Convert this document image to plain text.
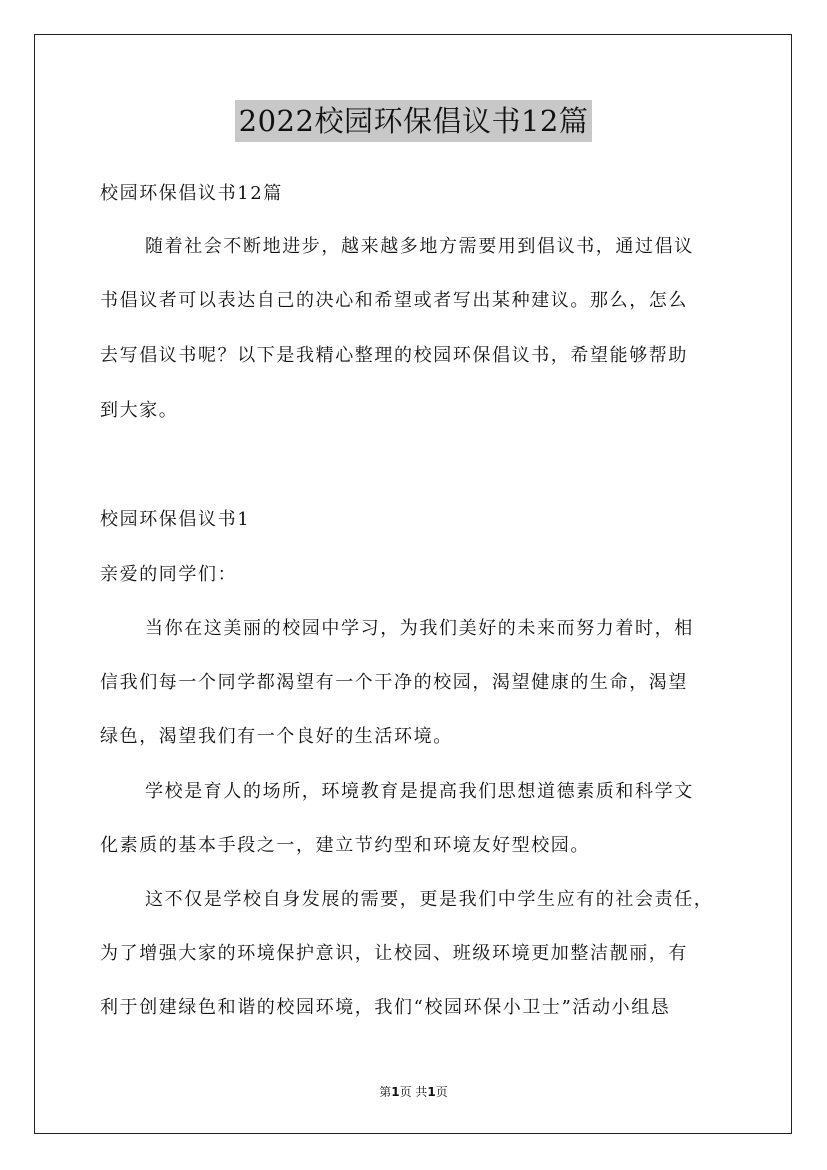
2022校园环保倡议书12篇
校园环保倡议书12篇
随着社会不断地进步，越来越多地方需要用到倡议书，通过倡议
书倡议者可以表达自己的决心和希望或者写出某种建议。那么，怎么
去写倡议书呢？以下是我精心整理的校园环保倡议书，希望能够帮助
到大家。
校园环保倡议书1
亲爱的同学们：
当你在这美丽的校园中学习，为我们美好的未来而努力着时，相
信我们每一个同学都渴望有一个干净的校园，渴望健康的生命，渴望
绿色，渴望我们有一个良好的生活环境。
学校是育人的场所，环境教育是提高我们思想道德素质和科学文
化素质的基本手段之一，建立节约型和环境友好型校园。
这不仅是学校自身发展的需要，更是我们中学生应有的社会责任，
为了增强大家的环境保护意识，让校园、班级环境更加整洁靓丽，有
利于创建绿色和谐的校园环境，我们“校园环保小卫士”活动小组恳
第1页 共1页
